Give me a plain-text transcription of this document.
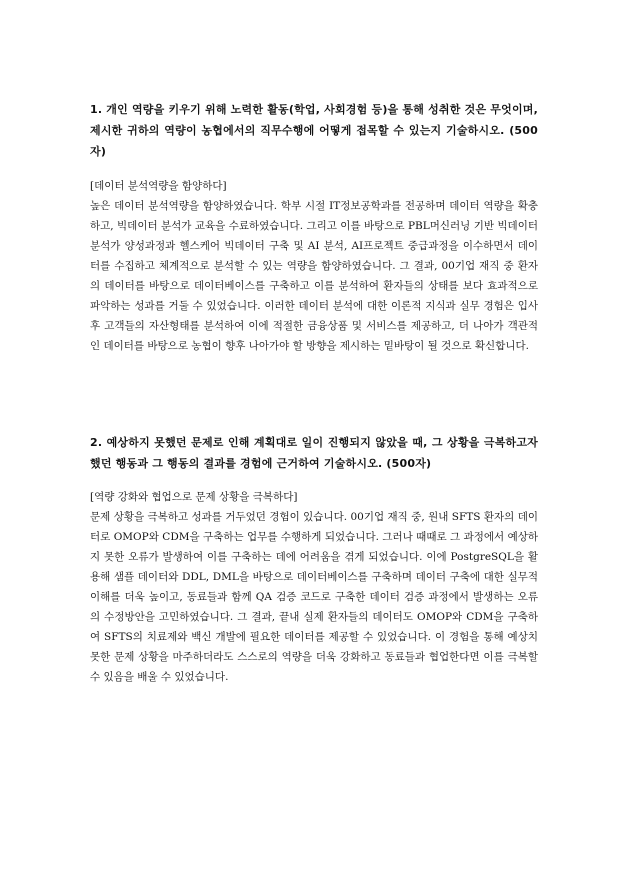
1. 개인 역량을 키우기 위해 노력한 활동(학업, 사회경험 등)을 통해 성취한 것은 무엇이며, 제시한 귀하의 역량이 농협에서의 직무수행에 어떻게 접목할 수 있는지 기술하시오. (500자)
[데이터 분석역량을 함양하다]

높은 데이터 분석역량을 함양하였습니다. 학부 시절 IT정보공학과를 전공하며 데이터 역량을 확충하고, 빅데이터 분석가 교육을 수료하였습니다. 그리고 이를 바탕으로 PBL머신러닝 기반 빅데이터 분석가 양성과정과 헬스케어 빅데이터 구축 및 AI 분석, AI프로젝트 중급과정을 이수하면서 데이터를 수집하고 체계적으로 분석할 수 있는 역량을 함양하였습니다. 그 결과, 00기업 재직 중 환자의 데이터를 바탕으로 데이터베이스를 구축하고 이를 분석하여 환자들의 상태를 보다 효과적으로 파악하는 성과를 거둘 수 있었습니다. 이러한 데이터 분석에 대한 이론적 지식과 실무 경험은 입사 후 고객들의 자산형태를 분석하여 이에 적절한 금융상품 및 서비스를 제공하고, 더 나아가 객관적인 데이터를 바탕으로 농협이 향후 나아가야 할 방향을 제시하는 밑바탕이 될 것으로 확신합니다.

2. 예상하지 못했던 문제로 인해 계획대로 일이 진행되지 않았을 때, 그 상황을 극복하고자 했던 행동과 그 행동의 결과를 경험에 근거하여 기술하시오. (500자)
[역량 강화와 협업으로 문제 상황을 극복하다]

문제 상황을 극복하고 성과를 거두었던 경험이 있습니다. 00기업 재직 중, 원내 SFTS 환자의 데이터로 OMOP와 CDM을 구축하는 업무를 수행하게 되었습니다. 그러나 때때로 그 과정에서 예상하지 못한 오류가 발생하여 이를 구축하는 데에 어려움을 겪게 되었습니다. 이에 PostgreSQL을 활용해 샘플 데이터와 DDL, DML을 바탕으로 데이터베이스를 구축하며 데이터 구축에 대한 실무적 이해를 더욱 높이고, 동료들과 함께 QA 검증 코드로 구축한 데이터 검증 과정에서 발생하는 오류의 수정방안을 고민하였습니다. 그 결과, 끝내 실제 환자들의 데이터도 OMOP와 CDM을 구축하여 SFTS의 치료제와 백신 개발에 필요한 데이터를 제공할 수 있었습니다. 이 경험을 통해 예상치 못한 문제 상황을 마주하더라도 스스로의 역량을 더욱 강화하고 동료들과 협업한다면 이를 극복할 수 있음을 배울 수 있었습니다.
